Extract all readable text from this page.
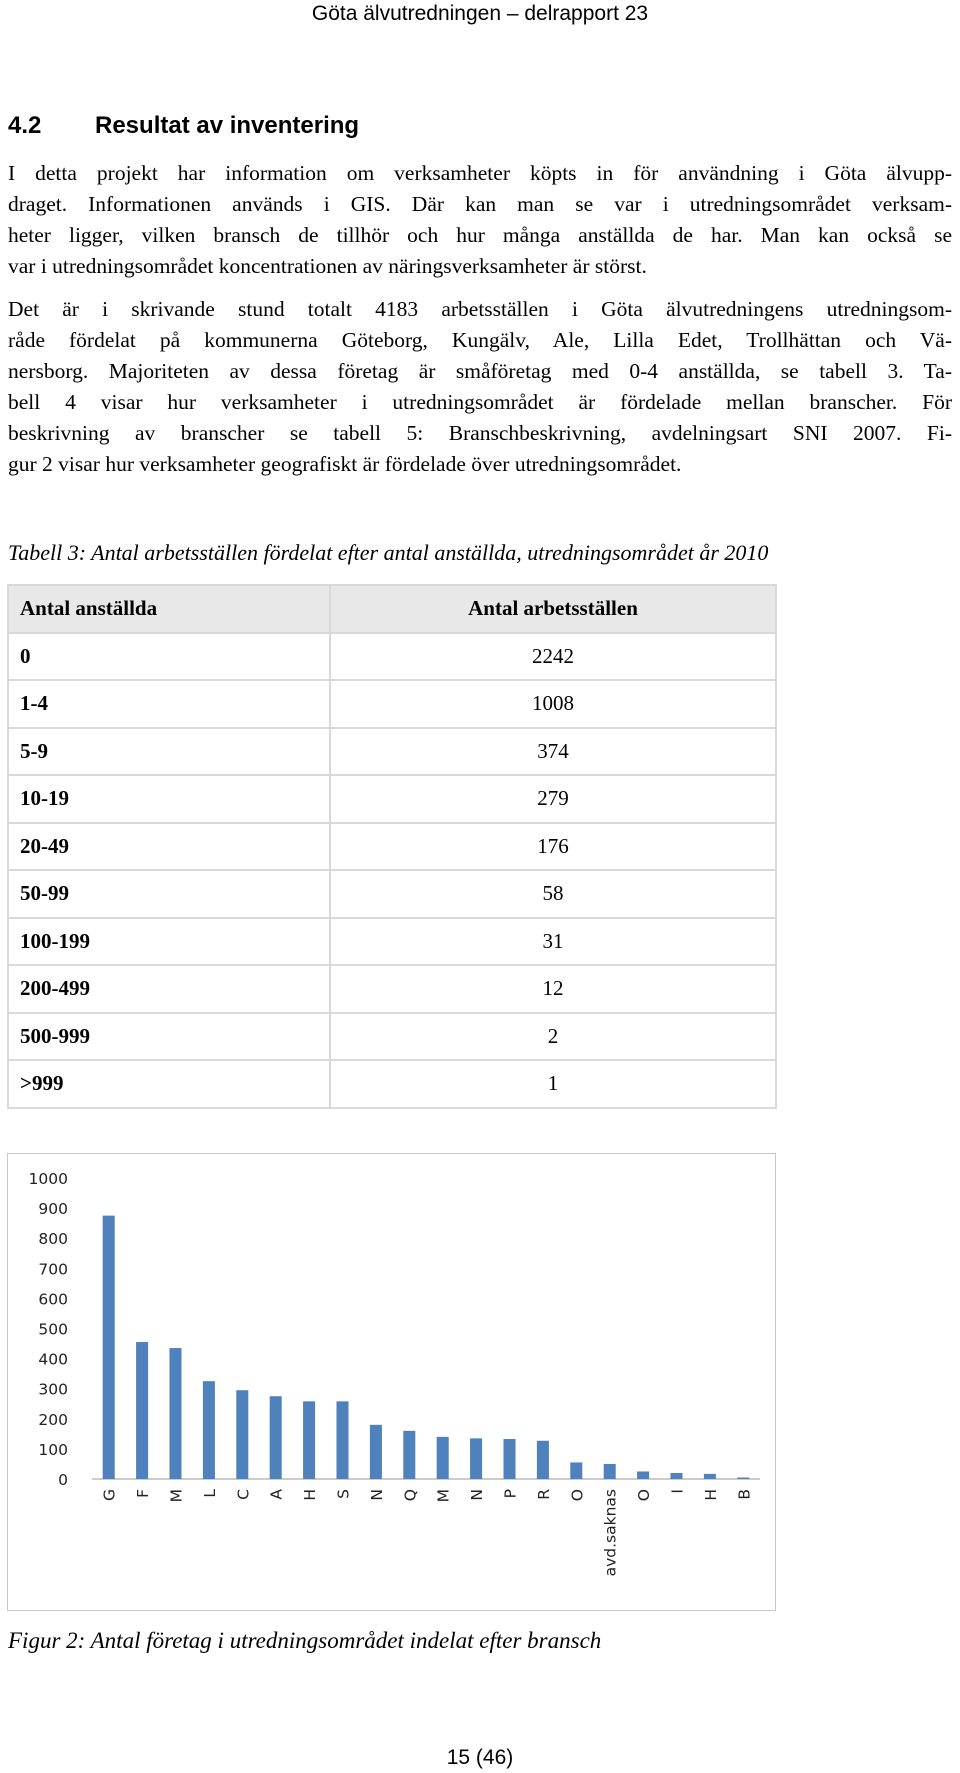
Göta älvutredningen – delrapport 23
4.2 Resultat av inventering
I detta projekt har information om verksamheter köpts in för användning i Göta älvupp-
draget. Informationen används i GIS. Där kan man se var i utredningsområdet verksam-
heter ligger, vilken bransch de tillhör och hur många anställda de har. Man kan också se
var i utredningsområdet koncentrationen av näringsverksamheter är störst.
Det är i skrivande stund totalt 4183 arbetsställen i Göta älvutredningens utredningsom-
råde fördelat på kommunerna Göteborg, Kungälv, Ale, Lilla Edet, Trollhättan och Vä-
nersborg. Majoriteten av dessa företag är småföretag med 0-4 anställda, se tabell 3. Ta-
bell 4 visar hur verksamheter i utredningsområdet är fördelade mellan branscher. För
beskrivning av branscher se tabell 5: Branschbeskrivning, avdelningsart SNI 2007. Fi-
gur 2 visar hur verksamheter geografiskt är fördelade över utredningsområdet.
Tabell 3: Antal arbetsställen fördelat efter antal anställda, utredningsområdet år 2010
Antal anställda	Antal arbetsställen
0	2242
1-4	1008
5-9	374
10-19	279
20-49	176
50-99	58
100-199	31
200-499	12
500-999	2
>999	1
0
100
200
300
400
500
600
700
800
900
1000
G F M L C A H S N Q M N P R O avd.saknas O I H B
Figur 2: Antal företag i utredningsområdet indelat efter bransch
15 (46)
